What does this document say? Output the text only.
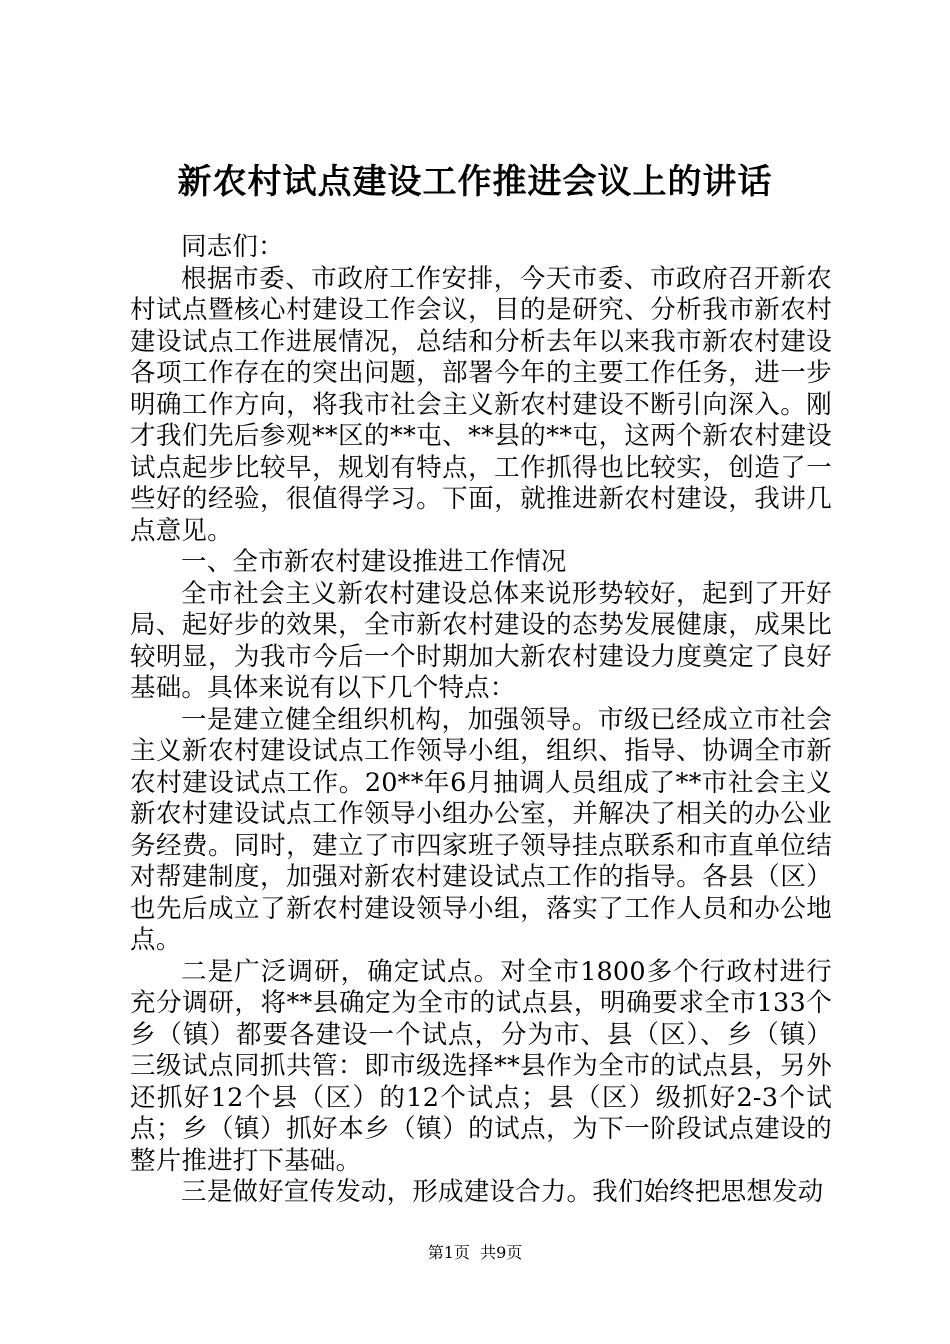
新农村试点建设工作推进会议上的讲话

同志们：

根据市委、市政府工作安排，今天市委、市政府召开新农村试点暨核心村建设工作会议，目的是研究、分析我市新农村建设试点工作进展情况，总结和分析去年以来我市新农村建设各项工作存在的突出问题，部署今年的主要工作任务，进一步明确工作方向，将我市社会主义新农村建设不断引向深入。刚才我们先后参观**区的**屯、**县的**屯，这两个新农村建设试点起步比较早，规划有特点，工作抓得也比较实，创造了一些好的经验，很值得学习。下面，就推进新农村建设，我讲几点意见。

一、全市新农村建设推进工作情况

全市社会主义新农村建设总体来说形势较好，起到了开好局、起好步的效果，全市新农村建设的态势发展健康，成果比较明显，为我市今后一个时期加大新农村建设力度奠定了良好基础。具体来说有以下几个特点：

一是建立健全组织机构，加强领导。市级已经成立市社会主义新农村建设试点工作领导小组，组织、指导、协调全市新农村建设试点工作。20**年6月抽调人员组成了**市社会主义新农村建设试点工作领导小组办公室，并解决了相关的办公业务经费。同时，建立了市四家班子领导挂点联系和市直单位结对帮建制度，加强对新农村建设试点工作的指导。各县（区）也先后成立了新农村建设领导小组，落实了工作人员和办公地点。

二是广泛调研，确定试点。对全市1800多个行政村进行充分调研，将**县确定为全市的试点县，明确要求全市133个乡（镇）都要各建设一个试点，分为市、县（区）、乡（镇）三级试点同抓共管：即市级选择**县作为全市的试点县，另外还抓好12个县（区）的12个试点；县（区）级抓好2-3个试点；乡（镇）抓好本乡（镇）的试点，为下一阶段试点建设的整片推进打下基础。

三是做好宣传发动，形成建设合力。我们始终把思想发动

第1页 共9页
